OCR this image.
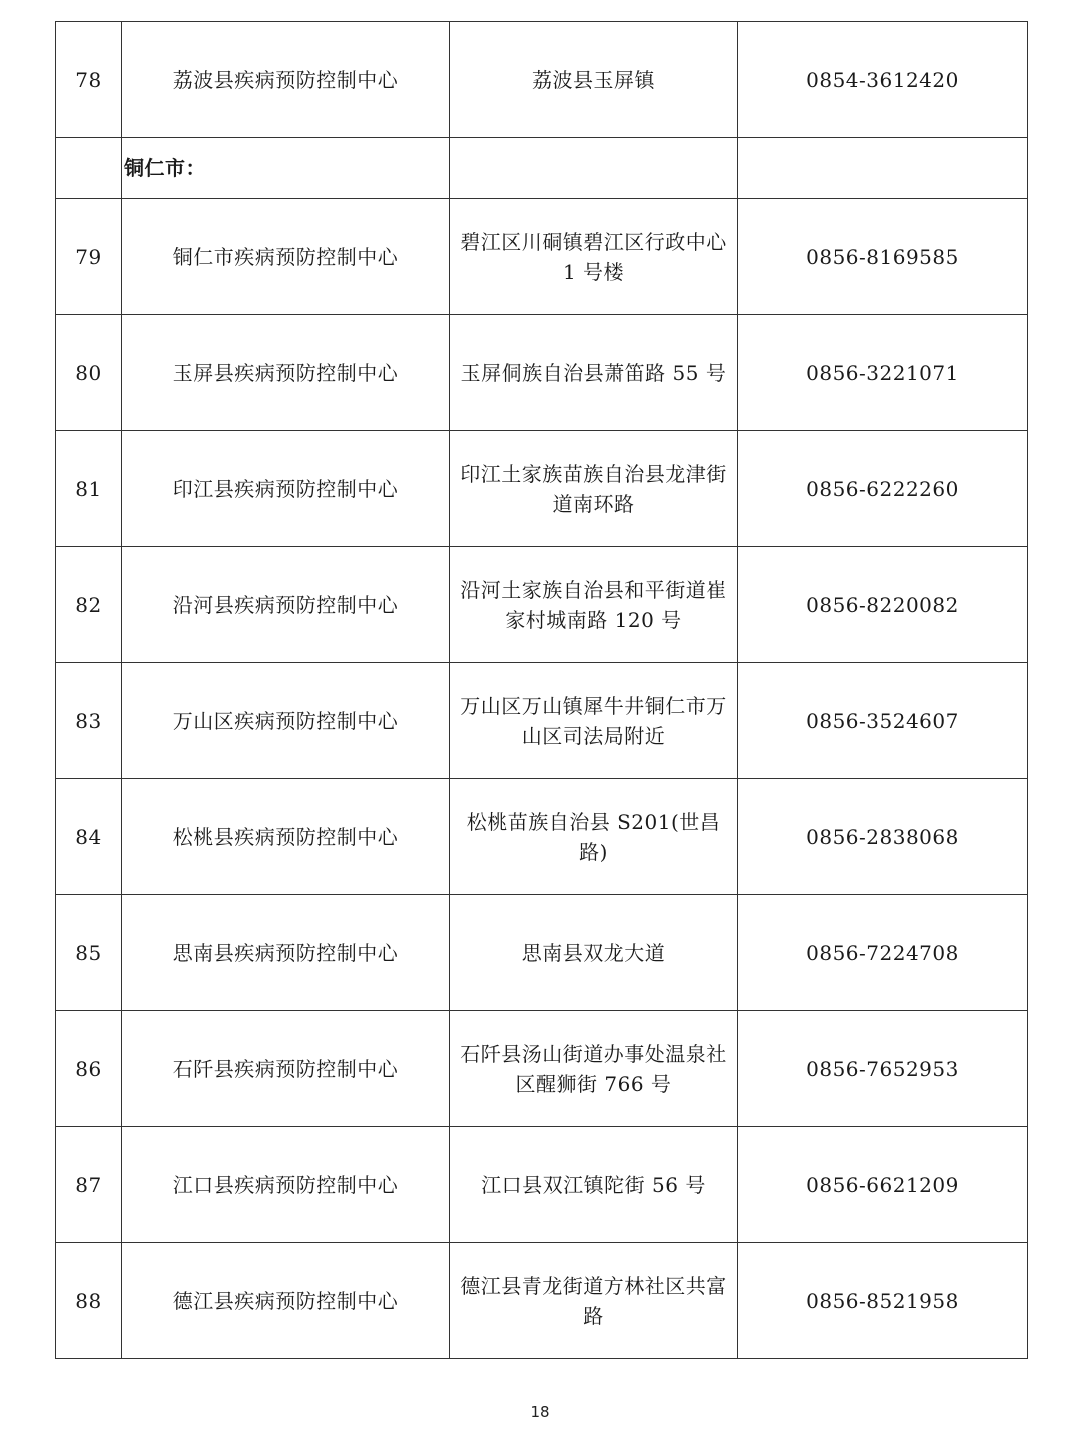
78	荔波县疾病预防控制中心	荔波县玉屏镇	0854-3612420
	铜仁市：		
79	铜仁市疾病预防控制中心	碧江区川硐镇碧江区行政中心 1 号楼	0856-8169585
80	玉屏县疾病预防控制中心	玉屏侗族自治县萧笛路 55 号	0856-3221071
81	印江县疾病预防控制中心	印江土家族苗族自治县龙津街道南环路	0856-6222260
82	沿河县疾病预防控制中心	沿河土家族自治县和平街道崔家村城南路 120 号	0856-8220082
83	万山区疾病预防控制中心	万山区万山镇犀牛井铜仁市万山区司法局附近	0856-3524607
84	松桃县疾病预防控制中心	松桃苗族自治县 S201(世昌路)	0856-2838068
85	思南县疾病预防控制中心	思南县双龙大道	0856-7224708
86	石阡县疾病预防控制中心	石阡县汤山街道办事处温泉社区醒狮街 766 号	0856-7652953
87	江口县疾病预防控制中心	江口县双江镇陀街 56 号	0856-6621209
88	德江县疾病预防控制中心	德江县青龙街道方林社区共富路	0856-8521958
18
